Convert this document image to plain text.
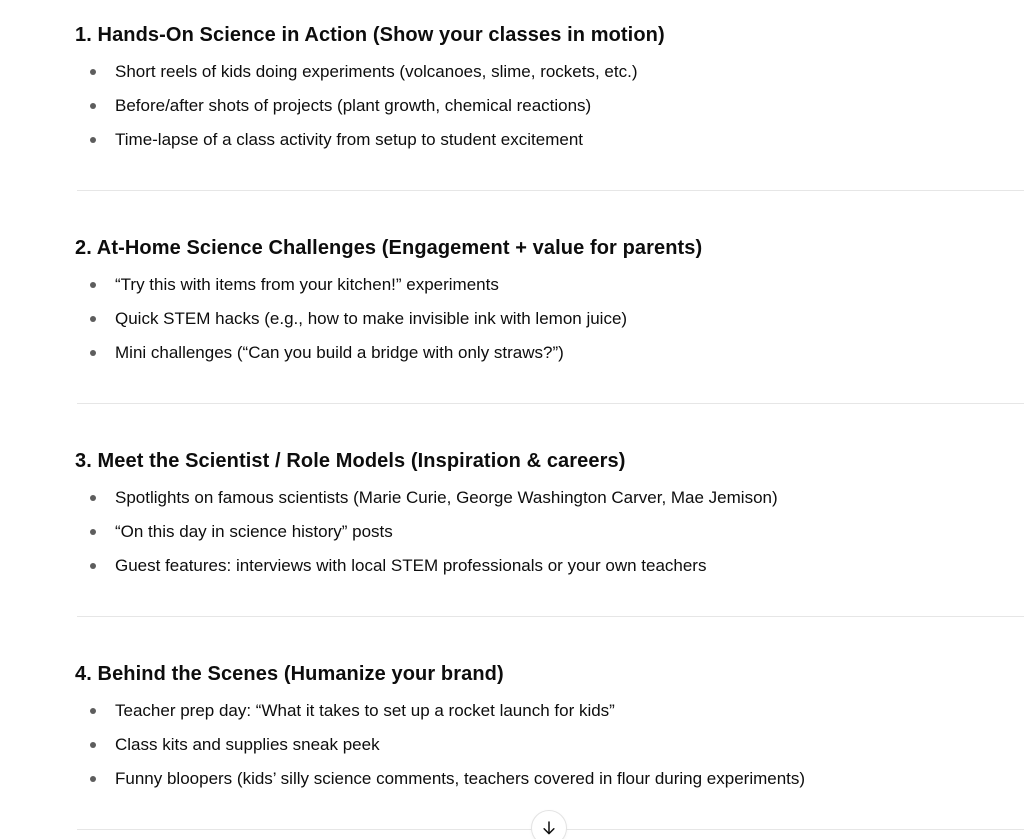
1. Hands-On Science in Action (Show your classes in motion)
Short reels of kids doing experiments (volcanoes, slime, rockets, etc.)
Before/after shots of projects (plant growth, chemical reactions)
Time-lapse of a class activity from setup to student excitement
2. At-Home Science Challenges (Engagement + value for parents)
“Try this with items from your kitchen!” experiments
Quick STEM hacks (e.g., how to make invisible ink with lemon juice)
Mini challenges (“Can you build a bridge with only straws?”)
3. Meet the Scientist / Role Models (Inspiration & careers)
Spotlights on famous scientists (Marie Curie, George Washington Carver, Mae Jemison)
“On this day in science history” posts
Guest features: interviews with local STEM professionals or your own teachers
4. Behind the Scenes (Humanize your brand)
Teacher prep day: “What it takes to set up a rocket launch for kids”
Class kits and supplies sneak peek
Funny bloopers (kids’ silly science comments, teachers covered in flour during experiments)
